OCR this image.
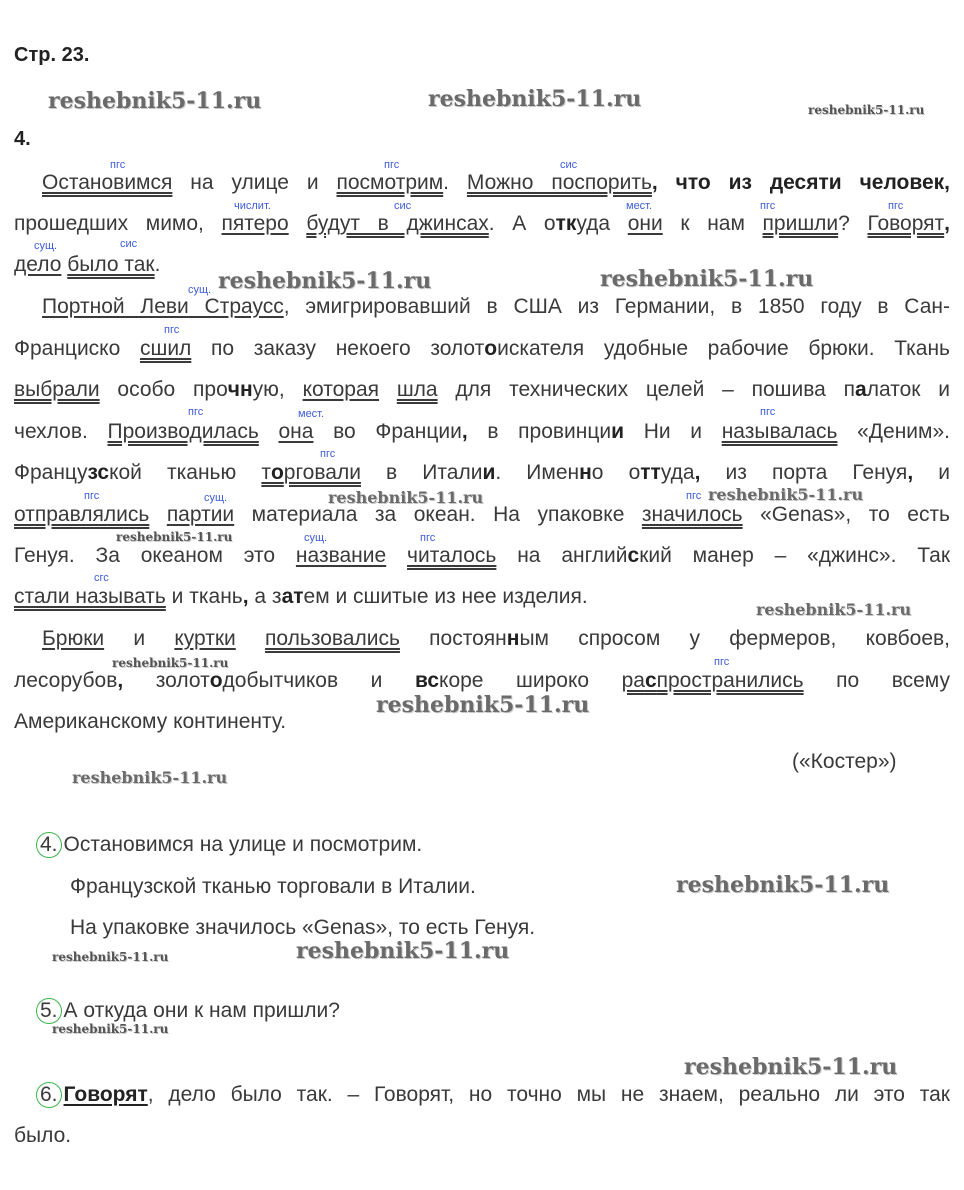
Стр. 23.
reshebnik5-11.ru	reshebnik5-11.ru	reshebnik5-11.ru
4.
пгс	пгс	сис
Остановимся на улице и посмотрим. Можно поспорить, что из десяти человек,
числит.	сис	мест.	пгс	пгс
прошедших мимо, пятеро будут в джинсах. А откуда они к нам пришли? Говорят,
сущ.	сис
дело было так.
сущ. reshebnik5-11.ru	reshebnik5-11.ru
Портной Леви Страусс, эмигрировавший в США из Германии, в 1850 году в Сан-
пгс
Франциско сшил по заказу некоего золотоискателя удобные рабочие брюки. Ткань
выбрали особо прочную, которая шла для технических целей – пошива палаток и
пгс	мест.	пгс
чехлов. Производилась она во Франции, в провинции Ни и называлась «Деним».
пгс
Французской тканью торговали в Италии. Именно оттуда, из порта Генуя, и
пгс	сущ.	reshebnik5-11.ru	пгс reshebnik5-11.ru
отправлялись партии материала за океан. На упаковке значилось «Genas», то есть
reshebnik5-11.ru	сущ.	пгс
Генуя. За океаном это название читалось на английский манер – «джинс». Так
сгс
стали называть и ткань, а затем и сшитые из нее изделия.
reshebnik5-11.ru
Брюки и куртки пользовались постоянным спросом у фермеров, ковбоев,
reshebnik5-11.ru	пгс
лесорубов, золотодобытчиков и вскоре широко распространились по всему
Американскому континенту.
reshebnik5-11.ru
(«Костер»)
reshebnik5-11.ru
4. Остановимся на улице и посмотрим.
Французской тканью торговали в Италии.	reshebnik5-11.ru
На упаковке значилось «Genas», то есть Генуя.
reshebnik5-11.ru	reshebnik5-11.ru
5. А откуда они к нам пришли?
reshebnik5-11.ru
reshebnik5-11.ru
6. Говорят, дело было так. – Говорят, но точно мы не знаем, реально ли это так
было.
